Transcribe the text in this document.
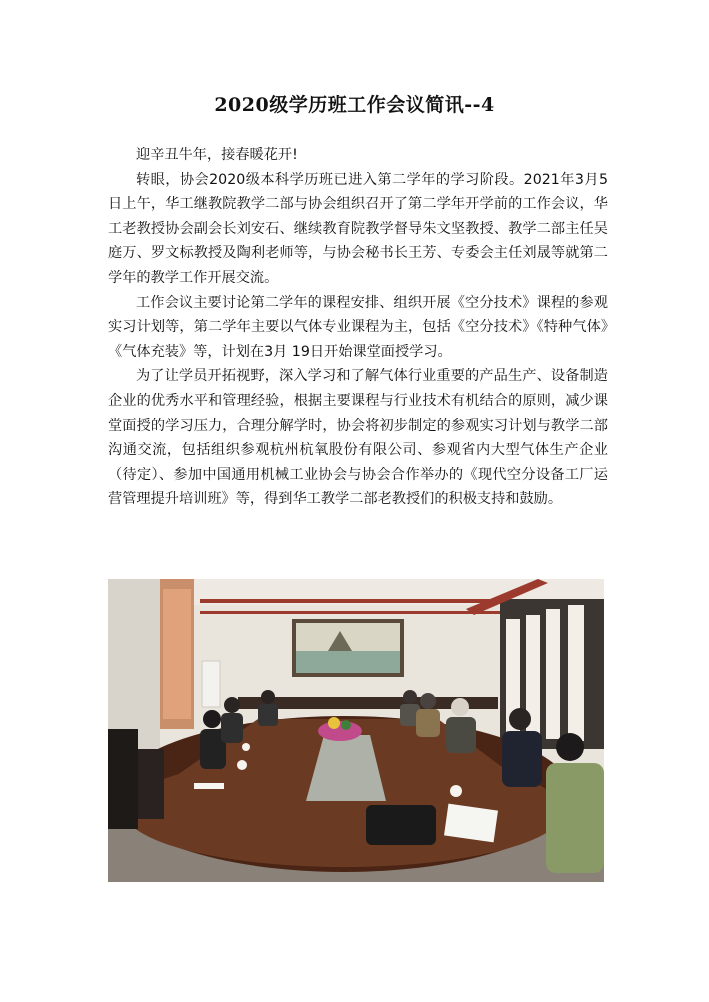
2020级学历班工作会议简讯--4

迎辛丑牛年，接春暖花开!

转眼，协会2020级本科学历班已进入第二学年的学习阶段。2021年3月5日上午，华工继教院教学二部与协会组织召开了第二学年开学前的工作会议，华工老教授协会副会长刘安石、继续教育院教学督导朱文坚教授、教学二部主任吴庭万、罗文标教授及陶利老师等，与协会秘书长王芳、专委会主任刘晟等就第二学年的教学工作开展交流。

工作会议主要讨论第二学年的课程安排、组织开展《空分技术》课程的参观实习计划等，第二学年主要以气体专业课程为主，包括《空分技术》《特种气体》《气体充装》等，计划在3月 19日开始课堂面授学习。

为了让学员开拓视野，深入学习和了解气体行业重要的产品生产、设备制造企业的优秀水平和管理经验，根据主要课程与行业技术有机结合的原则，减少课堂面授的学习压力，合理分解学时，协会将初步制定的参观实习计划与教学二部沟通交流，包括组织参观杭州杭氧股份有限公司、参观省内大型气体生产企业（待定）、参加中国通用机械工业协会与协会合作举办的《现代空分设备工厂运营管理提升培训班》等，得到华工教学二部老教授们的积极支持和鼓励。
